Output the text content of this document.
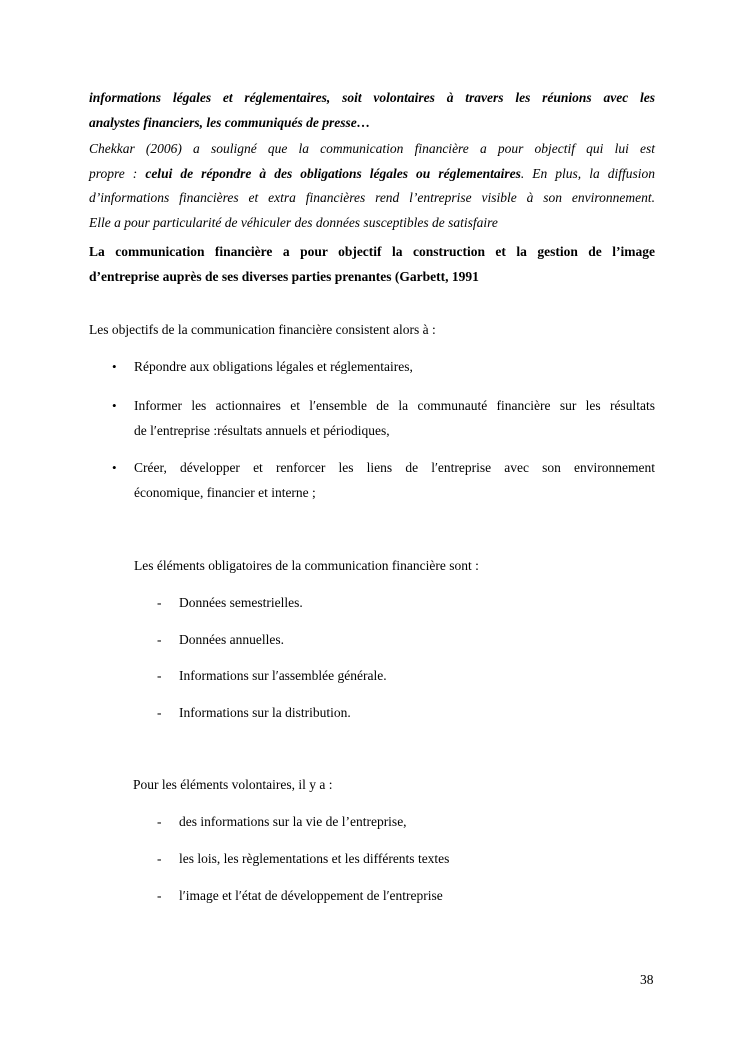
informations légales et réglementaires, soit volontaires à travers les réunions avec les
analystes financiers, les communiqués de presse…
Chekkar (2006) a souligné que la communication financière a pour objectif qui lui est
propre : celui de répondre à des obligations légales ou réglementaires. En plus, la diffusion
d’informations financières et extra financières rend l’entreprise visible à son environnement.
Elle a pour particularité de véhiculer des données susceptibles de satisfaire
La communication financière a pour objectif la construction et la gestion de l’image
d’entreprise auprès de ses diverses parties prenantes (Garbett, 1991
Les objectifs de la communication financière consistent alors à :
• Répondre aux obligations légales et réglementaires,
• Informer les actionnaires et l′ensemble de la communauté financière sur les résultats
de l′entreprise :résultats annuels et périodiques,
• Créer, développer et renforcer les liens de l′entreprise avec son environnement
économique, financier et interne ;
Les éléments obligatoires de la communication financière sont :
- Données semestrielles.
- Données annuelles.
- Informations sur l′assemblée générale.
- Informations sur la distribution.
Pour les éléments volontaires, il y a :
- des informations sur la vie de l’entreprise,
- les lois, les règlementations et les différents textes
- l′image et l′état de développement de l′entreprise
38
